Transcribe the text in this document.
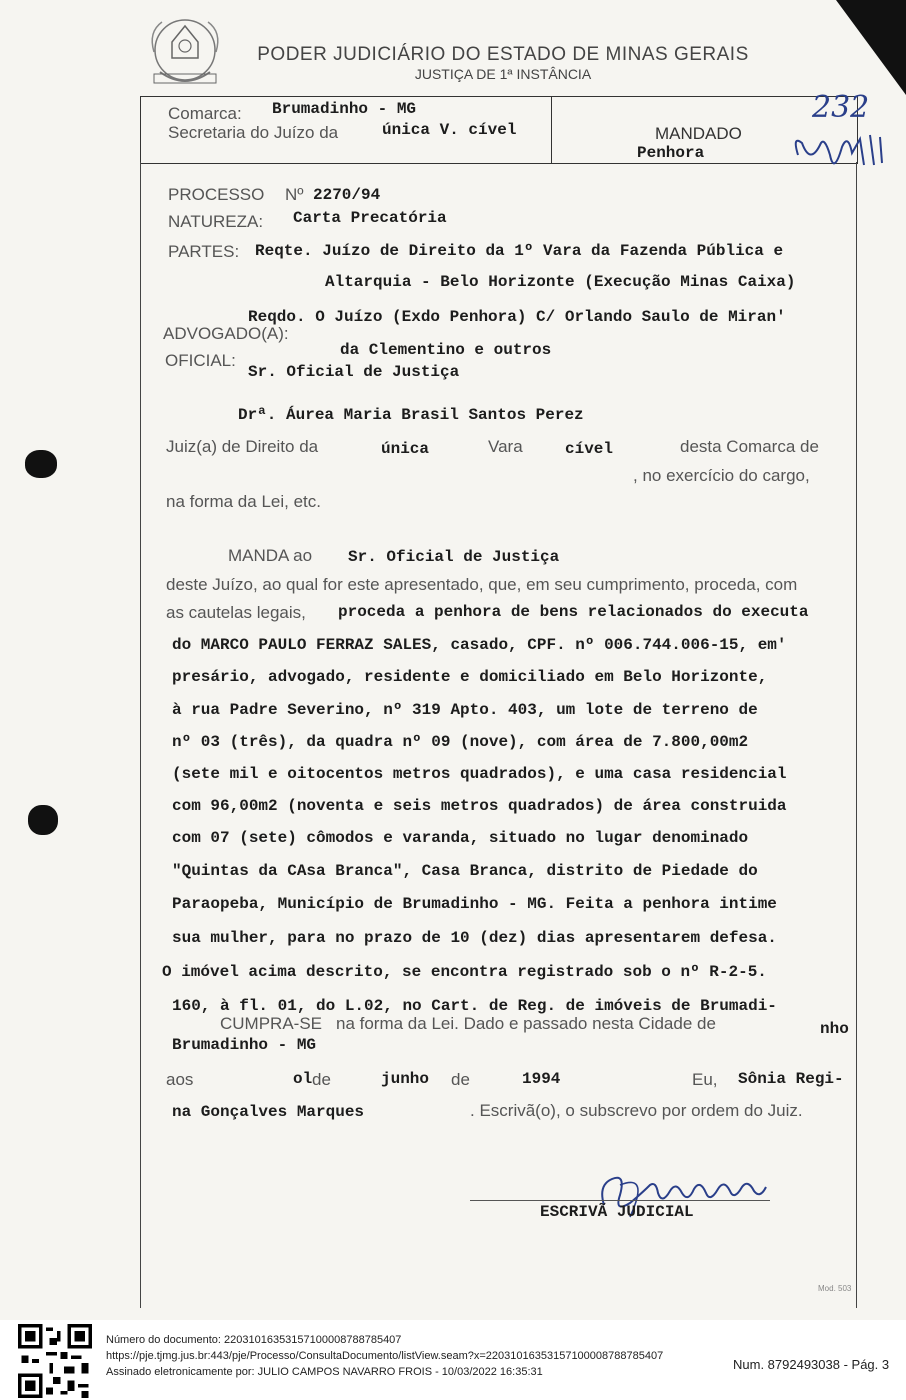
PODER JUDICIÁRIO DO ESTADO DE MINAS GERAIS
JUSTIÇA DE 1ª INSTÂNCIA
Comarca: Brumadinho - MG
Secretaria do Juízo da	única V. cível	MANDADO
Penhora
232
PROCESSO Nº 2270/94
NATUREZA: Carta Precatória
PARTES: Reqte. Juízo de Direito da 1º Vara da Fazenda Pública e
Altarquia - Belo Horizonte (Execução Minas Caixa)
Reqdo. O Juízo (Exdo Penhora) C/ Orlando Saulo de Miran'
ADVOGADO(A):
da Clementino e outros
OFICIAL:
Sr. Oficial de Justiça
Drª. Áurea Maria Brasil Santos Perez
Juiz(a) de Direito da	única	Vara	cível	desta Comarca de
, no exercício do cargo,
na forma da Lei, etc.
MANDA ao Sr. Oficial de Justiça
deste Juízo, ao qual for este apresentado, que, em seu cumprimento, proceda, com
as cautelas legais, proceda a penhora de bens relacionados do executa
do MARCO PAULO FERRAZ SALES, casado, CPF. nº 006.744.006-15, em'
presário, advogado, residente e domiciliado em Belo Horizonte,
à rua Padre Severino, nº 319 Apto. 403, um lote de terreno de
nº 03 (três), da quadra nº 09 (nove), com área de 7.800,00m2
(sete mil e oitocentos metros quadrados), e uma casa residencial
com 96,00m2 (noventa e seis metros quadrados) de área construida
com 07 (sete) cômodos e varanda, situado no lugar denominado
"Quintas da CAsa Branca", Casa Branca, distrito de Piedade do
Paraopeba, Município de Brumadinho - MG. Feita a penhora intime
sua mulher, para no prazo de 10 (dez) dias apresentarem defesa.
O imóvel acima descrito, se encontra registrado sob o nº R-2-5.
160, à fl. 01, do L.02, no Cart. de Reg. de imóveis de Brumadi-
CUMPRA-SE na forma da Lei. Dado e passado nesta Cidade de	nho
Brumadinho - MG
aos	ol de	junho de	1994	Eu, Sônia Regi-
na Gonçalves Marques	. Escrivã(o), o subscrevo por ordem do Juiz.
ESCRIVÃ JUDICIAL
Mod. 503
Número do documento: 22031016353157100008788785407
https://pje.tjmg.jus.br:443/pje/Processo/ConsultaDocumento/listView.seam?x=22031016353157100008788785407
Assinado eletronicamente por: JULIO CAMPOS NAVARRO FROIS - 10/03/2022 16:35:31	Num. 8792493038 - Pág. 3
